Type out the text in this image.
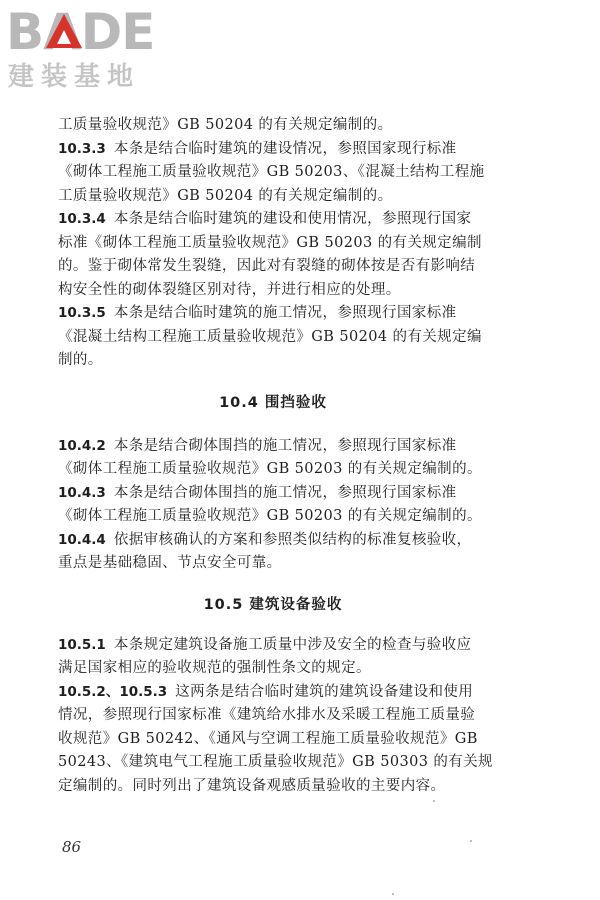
BADE
建装基地
工质量验收规范》GB 50204 的有关规定编制的。
10.3.3 本条是结合临时建筑的建设情况，参照国家现行标准
《砌体工程施工质量验收规范》GB 50203、《混凝土结构工程施
工质量验收规范》GB 50204 的有关规定编制的。
10.3.4 本条是结合临时建筑的建设和使用情况，参照现行国家
标准《砌体工程施工质量验收规范》GB 50203 的有关规定编制
的。鉴于砌体常发生裂缝，因此对有裂缝的砌体按是否有影响结
构安全性的砌体裂缝区别对待，并进行相应的处理。
10.3.5 本条是结合临时建筑的施工情况，参照现行国家标准
《混凝土结构工程施工质量验收规范》GB 50204 的有关规定编
制的。
10.4 围挡验收
10.4.2 本条是结合砌体围挡的施工情况，参照现行国家标准
《砌体工程施工质量验收规范》GB 50203 的有关规定编制的。
10.4.3 本条是结合砌体围挡的施工情况，参照现行国家标准
《砌体工程施工质量验收规范》GB 50203 的有关规定编制的。
10.4.4 依据审核确认的方案和参照类似结构的标准复核验收，
重点是基础稳固、节点安全可靠。
10.5 建筑设备验收
10.5.1 本条规定建筑设备施工质量中涉及安全的检查与验收应
满足国家相应的验收规范的强制性条文的规定。
10.5.2、10.5.3 这两条是结合临时建筑的建筑设备建设和使用
情况，参照现行国家标准《建筑给水排水及采暖工程施工质量验
收规范》GB 50242、《通风与空调工程施工质量验收规范》GB
50243、《建筑电气工程施工质量验收规范》GB 50303 的有关规
定编制的。同时列出了建筑设备观感质量验收的主要内容。
86
